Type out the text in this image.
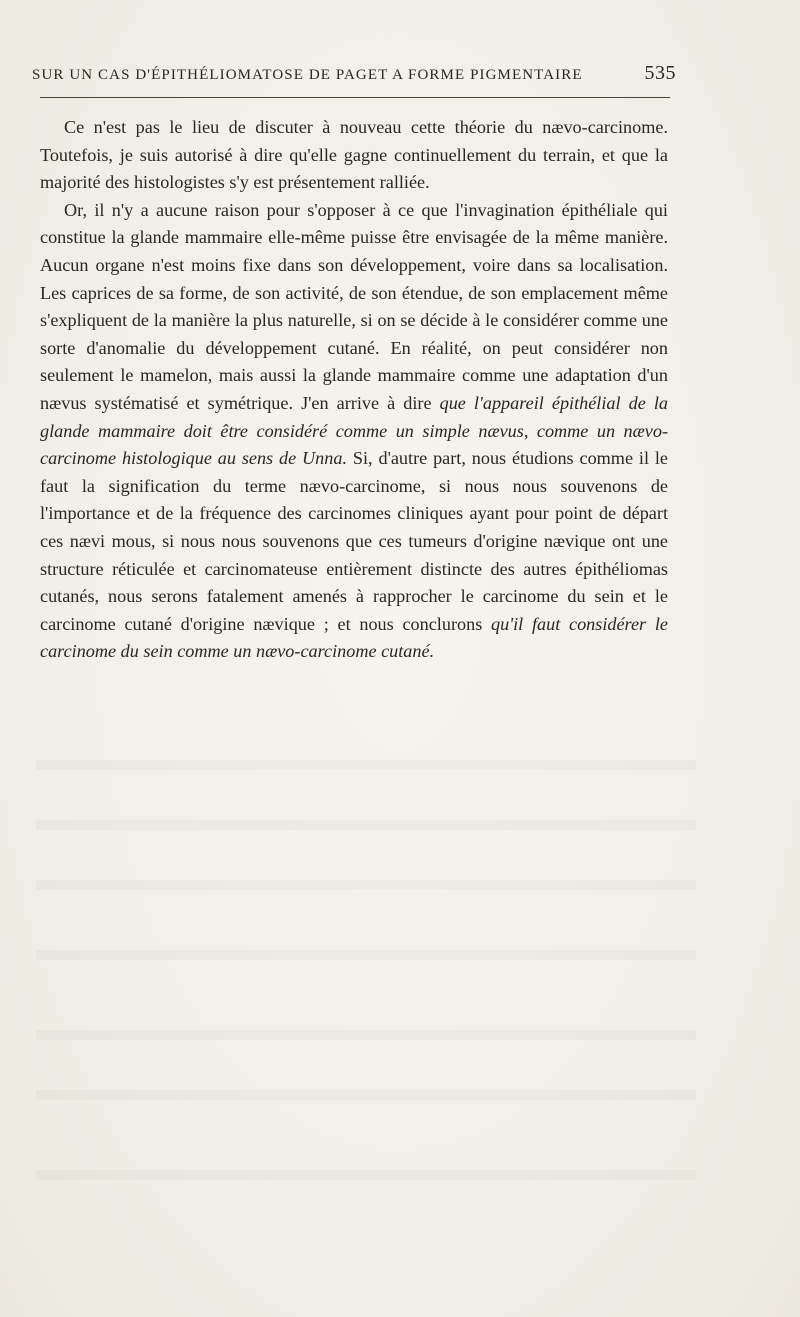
SUR UN CAS D'ÉPITHÉLIOMATOSE DE PAGET A FORME PIGMENTAIRE	535

Ce n'est pas le lieu de discuter à nouveau cette théorie du nævo-carcinome. Toutefois, je suis autorisé à dire qu'elle gagne continuellement du terrain, et que la majorité des histologistes s'y est présentement ralliée.

Or, il n'y a aucune raison pour s'opposer à ce que l'invagination épithéliale qui constitue la glande mammaire elle-même puisse être envisagée de la même manière. Aucun organe n'est moins fixe dans son développement, voire dans sa localisation. Les caprices de sa forme, de son activité, de son étendue, de son emplacement même s'expliquent de la manière la plus naturelle, si on se décide à le considérer comme une sorte d'anomalie du développement cutané. En réalité, on peut considérer non seulement le mamelon, mais aussi la glande mammaire comme une adaptation d'un nævus systématisé et symétrique. J'en arrive à dire que l'appareil épithélial de la glande mammaire doit être considéré comme un simple nævus, comme un nævo-carcinome histologique au sens de Unna. Si, d'autre part, nous étudions comme il le faut la signification du terme nævo-carcinome, si nous nous souvenons de l'importance et de la fréquence des carcinomes cliniques ayant pour point de départ ces nævi mous, si nous nous souvenons que ces tumeurs d'origine nævique ont une structure réticulée et carcinomateuse entièrement distincte des autres épithéliomas cutanés, nous serons fatalement amenés à rapprocher le carcinome du sein et le carcinome cutané d'origine nævique ; et nous conclurons qu'il faut considérer le carcinome du sein comme un nævo-carcinome cutané.
